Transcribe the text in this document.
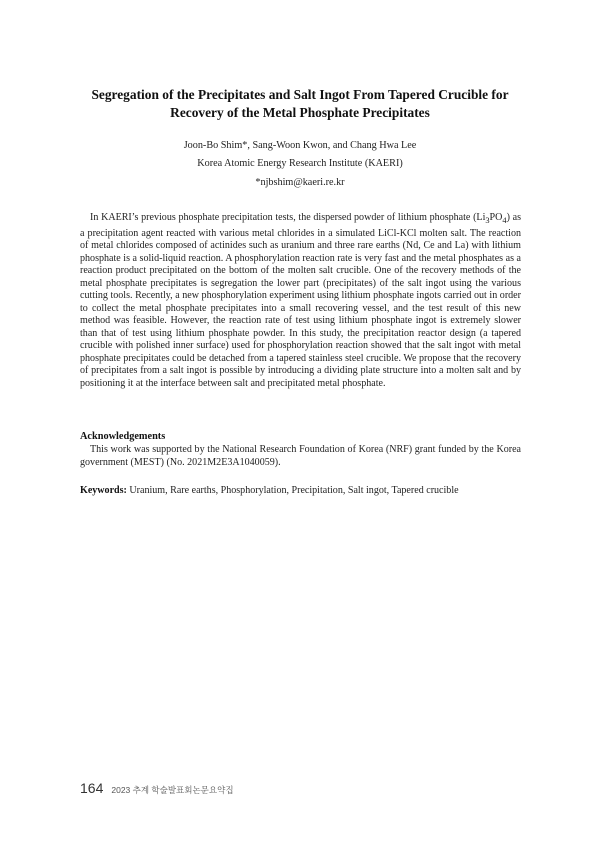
Segregation of the Precipitates and Salt Ingot From Tapered Crucible for
Recovery of the Metal Phosphate Precipitates
Joon-Bo Shim*, Sang-Woon Kwon, and Chang Hwa Lee
Korea Atomic Energy Research Institute (KAERI)
*njbshim@kaeri.re.kr

In KAERI’s previous phosphate precipitation tests, the dispersed powder of lithium phosphate $(Li_3PO_4)$ as a precipitation agent reacted with various metal chlorides in a simulated LiCl-KCl molten salt. The reaction of metal chlorides composed of actinides such as uranium and three rare earths (Nd, Ce and La) with lithium phosphate is a solid-liquid reaction. A phosphorylation reaction rate is very fast and the metal phosphates as a reaction product precipitated on the bottom of the molten salt crucible. One of the recovery methods of the metal phosphate precipitates is segregation the lower part (precipitates) of the salt ingot using the various cutting tools. Recently, a new phosphorylation experiment using lithium phosphate ingots carried out in order to collect the metal phosphate precipitates into a small recovering vessel, and the test result of this new method was feasible. However, the reaction rate of test using lithium phosphate ingot is extremely slower than that of test using lithium phosphate powder. In this study, the precipitation reactor design (a tapered crucible with polished inner surface) used for phosphorylation reaction showed that the salt ingot with metal phosphate precipitates could be detached from a tapered stainless steel crucible. We propose that the recovery of precipitates from a salt ingot is possible by introducing a dividing plate structure into a molten salt and by positioning it at the interface between salt and precipitated metal phosphate.

Acknowledgements

This work was supported by the National Research Foundation of Korea (NRF) grant funded by the Korea government (MEST) (No. 2021M2E3A1040059).

Keywords: Uranium, Rare earths, Phosphorylation, Precipitation, Salt ingot, Tapered crucible
164 2023 추계 학술발표회논문요약집
